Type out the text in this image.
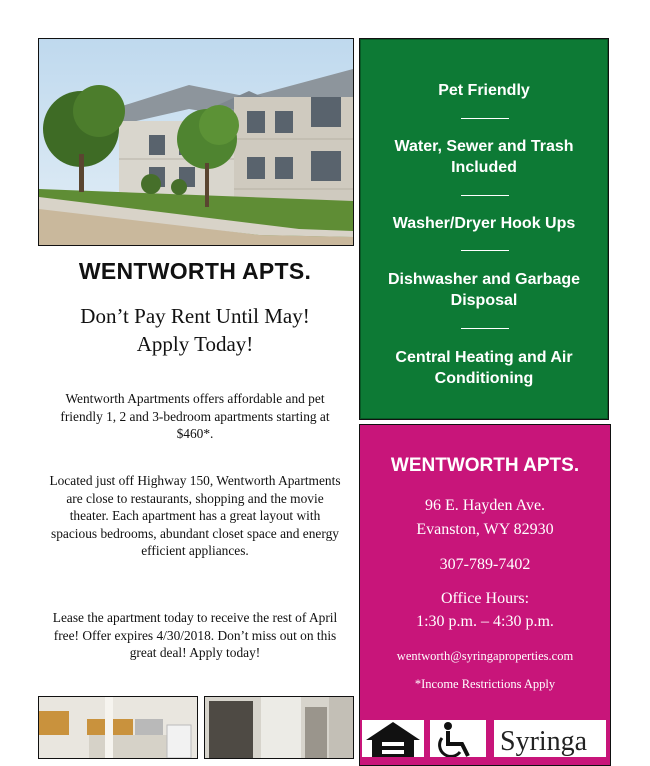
WENTWORTH APTS.
Don’t Pay Rent Until May!
Apply Today!
Wentworth Apartments offers affordable and pet friendly 1, 2 and 3-bedroom apartments starting at $460*.
Located just off Highway 150, Wentworth Apartments are close to restaurants, shopping and the movie theater. Each apartment has a great layout with spacious bedrooms, abundant closet space and energy efficient appliances.
Lease the apartment today to receive the rest of April free! Offer expires 4/30/2018. Don’t miss out on this great deal! Apply today!
Pet Friendly
Water, Sewer and Trash Included
Washer/Dryer Hook Ups
Dishwasher and Garbage Disposal
Central Heating and Air Conditioning
WENTWORTH APTS.
96 E. Hayden Ave.
Evanston, WY 82930
307-789-7402
Office Hours:
1:30 p.m. – 4:30 p.m.
wentworth@syringaproperties.com
*Income Restrictions Apply
Syringa
